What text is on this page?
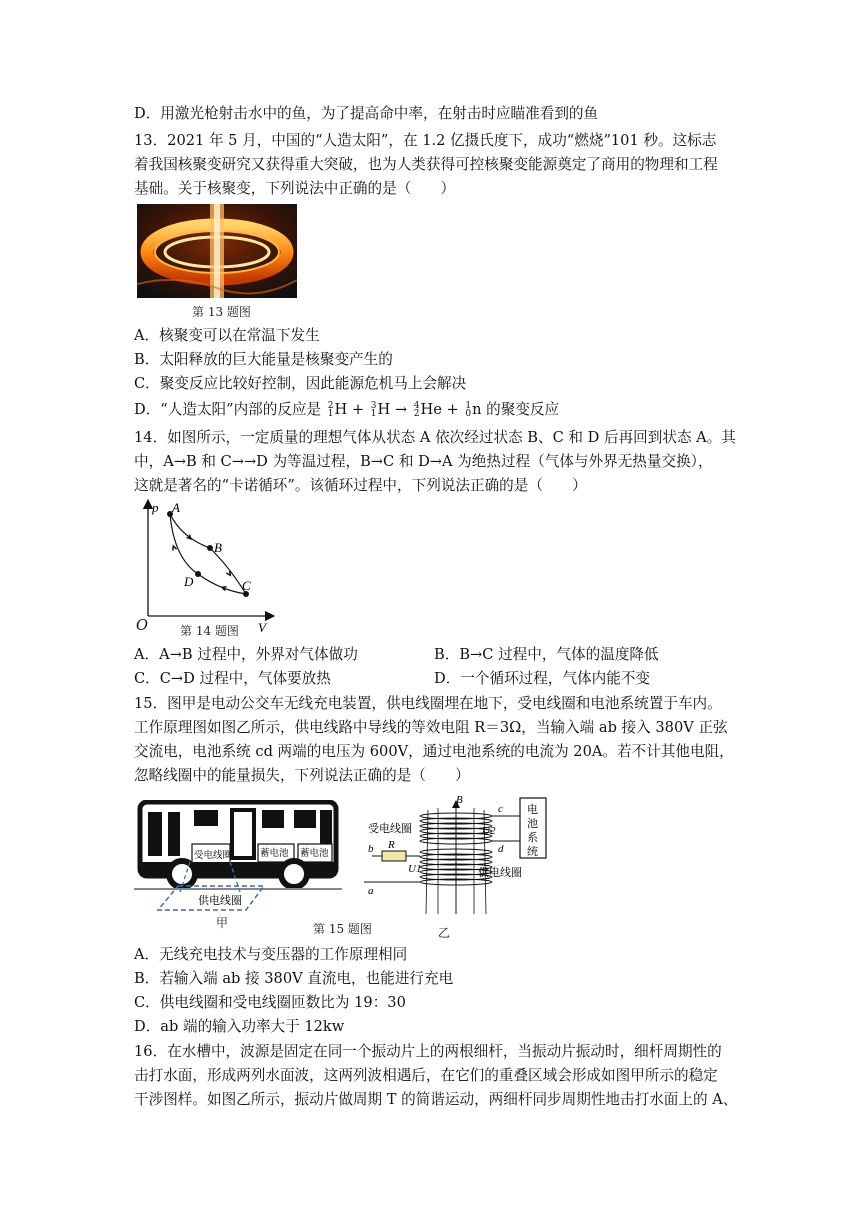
D．用激光枪射击水中的鱼，为了提高命中率，在射击时应瞄准看到的鱼
13．2021 年 5 月，中国的“人造太阳”，在 1.2 亿摄氏度下，成功“燃烧”101 秒。这标志
着我国核聚变研究又获得重大突破，也为人类获得可控核聚变能源奠定了商用的物理和工程
基础。关于核聚变，下列说法中正确的是（　　）
第 13 题图
A．核聚变可以在常温下发生
B．太阳释放的巨大能量是核聚变产生的
C．聚变反应比较好控制，因此能源危机马上会解决
D．“人造太阳”内部的反应是 2
1 H + 3
1 H → 4
2 He + 1
0 n 的聚变反应
14．如图所示，一定质量的理想气体从状态 A 依次经过状态 B、C 和 D 后再回到状态 A。其
中，A→B 和 C→→D 为等温过程，B→C 和 D→A 为绝热过程（气体与外界无热量交换），
这就是著名的“卡诺循环”。该循环过程中，下列说法正确的是（　　）
p A
B
C
D
V
O	第 14 题图
A．A→B 过程中，外界对气体做功	B．B→C 过程中，气体的温度降低
C．C→D 过程中，气体要放热	D．一个循环过程，气体内能不变
15．图甲是电动公交车无线充电装置，供电线圈埋在地下，受电线圈和电池系统置于车内。
工作原理图如图乙所示，供电线路中导线的等效电阻 R＝3Ω，当输入端 ab 接入 380V 正弦
交流电，电池系统 cd 两端的电压为 600V，通过电池系统的电流为 20A。若不计其他电阻，
忽略线圈中的能量损失，下列说法正确的是（　　）
受电线圈	蓄电池 蓄电池
供电线圈
甲
电
池
系
统
B
c
d
U2
b R
U1
a
受电线圈
供电线圈
第 15 题图	乙
A．无线充电技术与变压器的工作原理相同
B．若输入端 ab 接 380V 直流电，也能进行充电
C．供电线圈和受电线圈匝数比为 19：30
D．ab 端的输入功率大于 12kw
16．在水槽中，波源是固定在同一个振动片上的两根细杆，当振动片振动时，细杆周期性的
击打水面，形成两列水面波，这两列波相遇后，在它们的重叠区域会形成如图甲所示的稳定
干涉图样。如图乙所示，振动片做周期 T 的简谐运动，两细杆同步周期性地击打水面上的 A、
